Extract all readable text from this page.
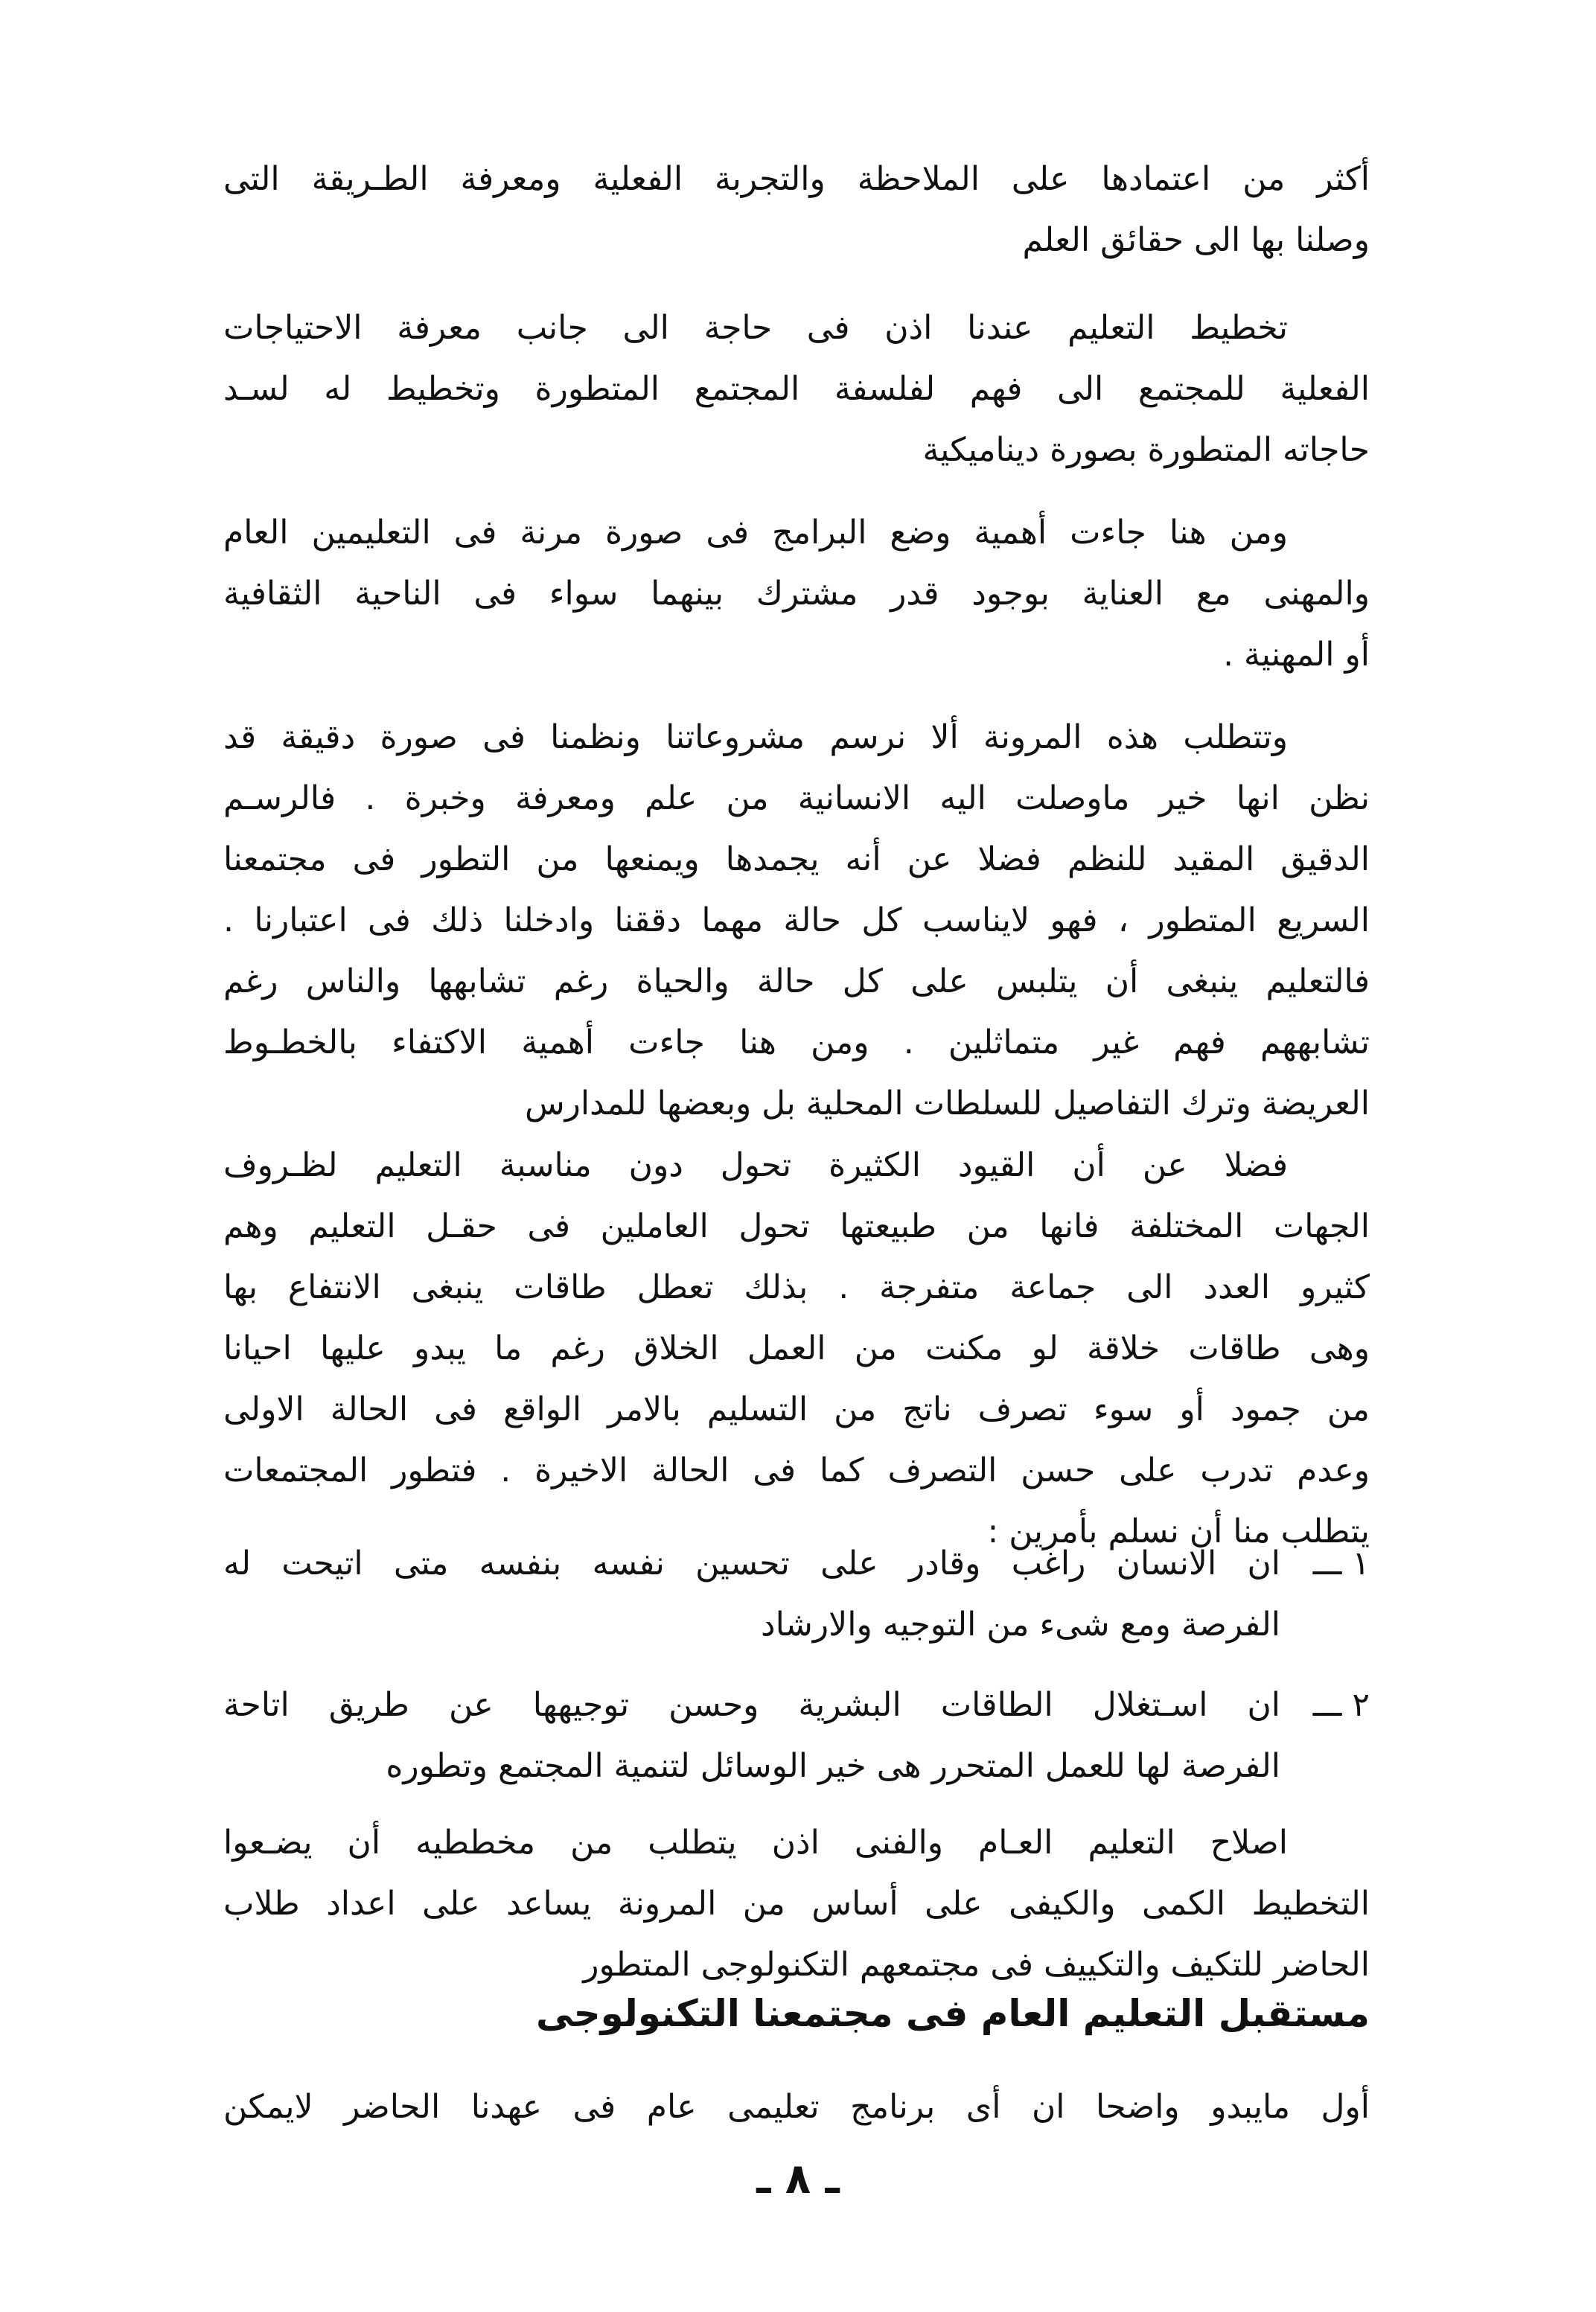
أكثر من اعتمادها على الملاحظة والتجربة الفعلية ومعرفة الطـريقة التى
وصلنا بها الى حقائق العلم
تخطيط التعليم عندنا اذن فى حاجة الى جانب معرفة الاحتياجات
الفعلية للمجتمع الى فهم لفلسفة المجتمع المتطورة وتخطيط له لسـد
حاجاته المتطورة بصورة ديناميكية
ومن هنا جاءت أهمية وضع البرامج فى صورة مرنة فى التعليمين العام
والمهنى مع العناية بوجود قدر مشترك بينهما سواء فى الناحية الثقافية
أو المهنية .
وتتطلب هذه المرونة ألا نرسم مشروعاتنا ونظمنا فى صورة دقيقة قد
نظن انها خير ماوصلت اليه الانسانية من علم ومعرفة وخبرة . فالرسـم
الدقيق المقيد للنظم فضلا عن أنه يجمدها ويمنعها من التطور فى مجتمعنا
السريع المتطور ، فهو لايناسب كل حالة مهما دققنا وادخلنا ذلك فى اعتبارنا .
فالتعليم ينبغى أن يتلبس على كل حالة والحياة رغم تشابهها والناس رغم
تشابههم فهم غير متماثلين . ومن هنا جاءت أهمية الاكتفاء بالخطـوط
العريضة وترك التفاصيل للسلطات المحلية بل وبعضها للمدارس
فضلا عن أن القيود الكثيرة تحول دون مناسبة التعليم لظـروف
الجهات المختلفة فانها من طبيعتها تحول العاملين فى حقـل التعليم وهم
كثيرو العدد الى جماعة متفرجة . بذلك تعطل طاقات ينبغى الانتفاع بها
وهى طاقات خلاقة لو مكنت من العمل الخلاق رغم ما يبدو عليها احيانا
من جمود أو سوء تصرف ناتج من التسليم بالامر الواقع فى الحالة الاولى
وعدم تدرب على حسن التصرف كما فى الحالة الاخيرة . فتطور المجتمعات
يتطلب منا أن نسلم بأمرين :
١ ـــ
ان الانسان راغب وقادر على تحسين نفسه بنفسه متى اتيحت له
الفرصة ومع شىء من التوجيه والارشاد
٢ ـــ
ان اسـتغلال الطاقات البشرية وحسن توجيهها عن طريق اتاحة
الفرصة لها للعمل المتحرر هى خير الوسائل لتنمية المجتمع وتطوره
اصلاح التعليم العـام والفنى اذن يتطلب من مخططيه أن يضـعوا
التخطيط الكمى والكيفى على أساس من المرونة يساعد على اعداد طلاب
الحاضر للتكيف والتكييف فى مجتمعهم التكنولوجى المتطور
مستقبل التعليم العام فى مجتمعنا التكنولوجى
أول مايبدو واضحا ان أى برنامج تعليمى عام فى عهدنا الحاضر لايمكن
ـ ٨ ـ
